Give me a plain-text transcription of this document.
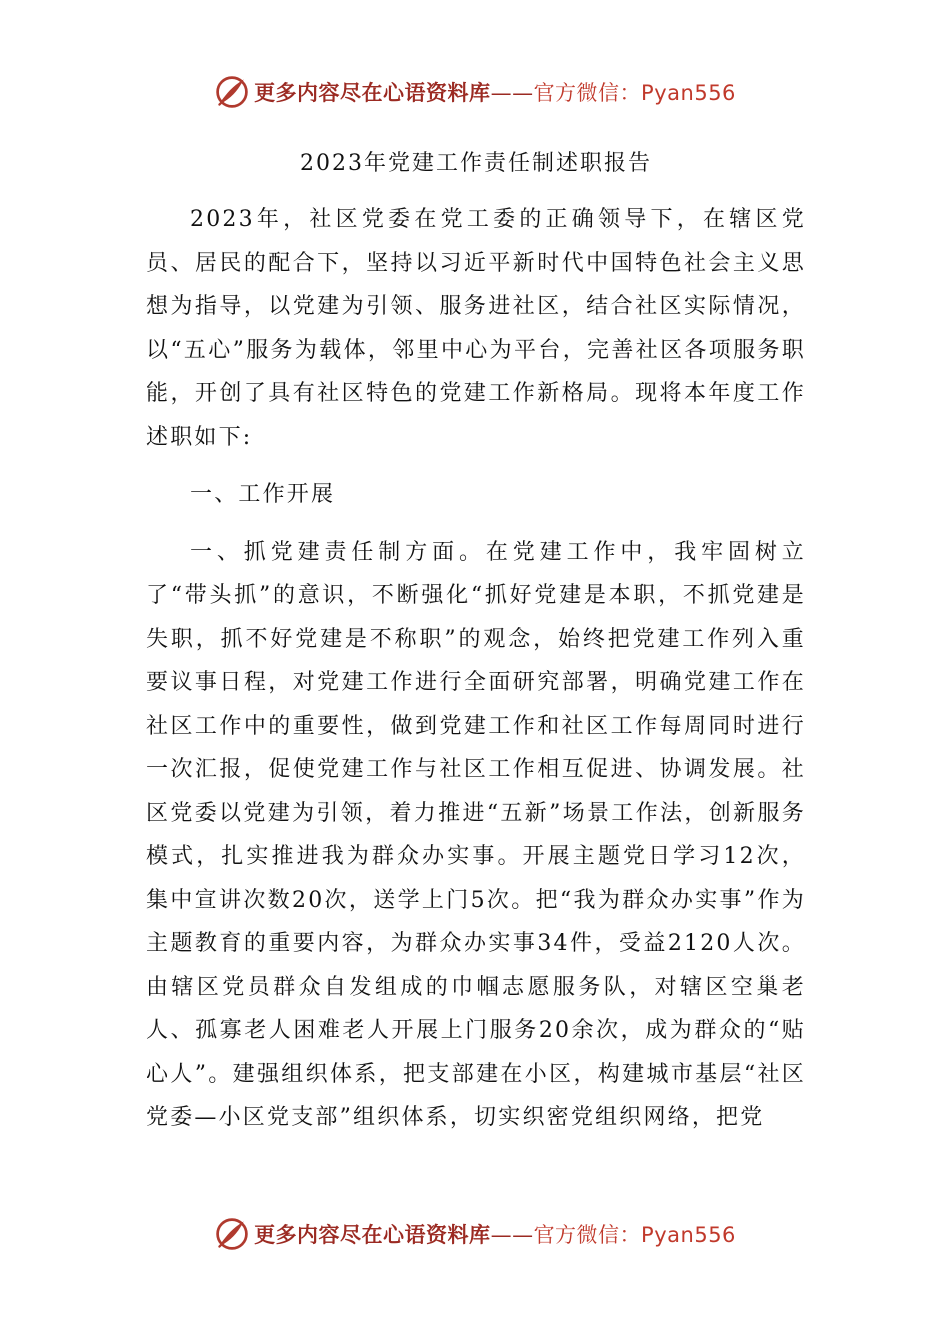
更多内容尽在心语资料库——官方微信：Pyan556
2023年党建工作责任制述职报告

2023年，社区党委在党工委的正确领导下，在辖区党员、居民的配合下，坚持以习近平新时代中国特色社会主义思想为指导，以党建为引领、服务进社区，结合社区实际情况，以“五心”服务为载体，邻里中心为平台，完善社区各项服务职能，开创了具有社区特色的党建工作新格局。现将本年度工作述职如下:

一、工作开展

一、抓党建责任制方面。在党建工作中，我牢固树立了“带头抓”的意识，不断强化“抓好党建是本职，不抓党建是失职，抓不好党建是不称职”的观念，始终把党建工作列入重要议事日程，对党建工作进行全面研究部署，明确党建工作在社区工作中的重要性，做到党建工作和社区工作每周同时进行一次汇报，促使党建工作与社区工作相互促进、协调发展。社区党委以党建为引领，着力推进“五新”场景工作法，创新服务模式，扎实推进我为群众办实事。开展主题党日学习12次，集中宣讲次数20次，送学上门5次。把“我为群众办实事”作为主题教育的重要内容，为群众办实事34件，受益2120人次。由辖区党员群众自发组成的巾帼志愿服务队，对辖区空巢老人、孤寡老人困难老人开展上门服务20余次，成为群众的“贴心人”。建强组织体系，把支部建在小区，构建城市基层“社区党委—小区党支部”组织体系，切实织密党组织网络，把党

更多内容尽在心语资料库——官方微信：Pyan556
